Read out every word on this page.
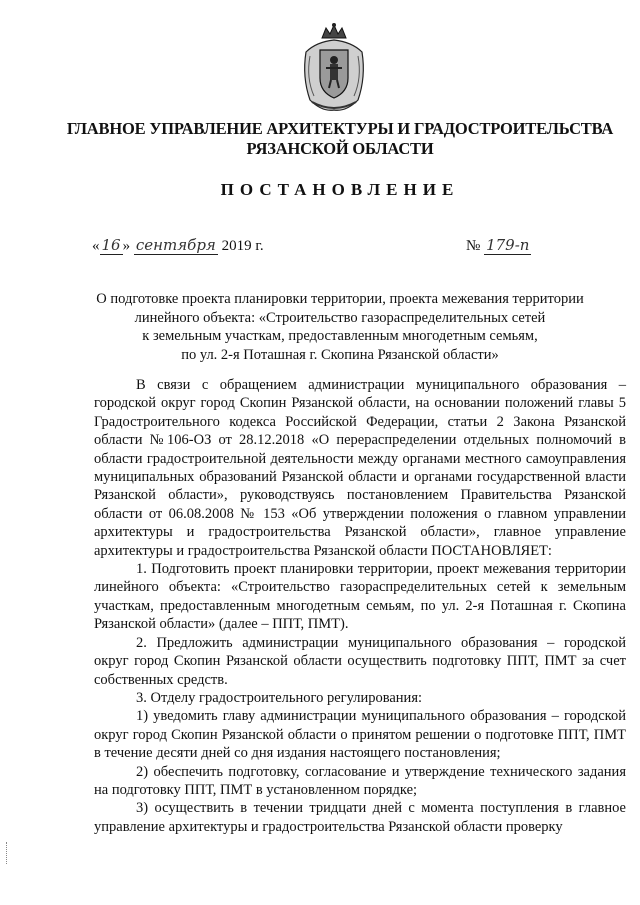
ГЛАВНОЕ УПРАВЛЕНИЕ АРХИТЕКТУРЫ И ГРАДОСТРОИТЕЛЬСТВА
РЯЗАНСКОЙ ОБЛАСТИ
ПОСТАНОВЛЕНИЕ
« 16 » сентября 2019 г.	№ 179-п
О подготовке проекта планировки территории, проекта межевания территории
линейного объекта: «Строительство газораспределительных сетей
к земельным участкам, предоставленным многодетным семьям,
по ул. 2-я Поташная г. Скопина Рязанской области»

В связи с обращением администрации муниципального образования – городской округ город Скопин Рязанской области, на основании положений главы 5 Градостроительного кодекса Российской Федерации, статьи 2 Закона Рязанской области №106-ОЗ от 28.12.2018 «О перераспределении отдельных полномочий в области градостроительной деятельности между органами местного самоуправления муниципальных образований Рязанской области и органами государственной власти Рязанской области», руководствуясь постановлением Правительства Рязанской области от 06.08.2008 № 153 «Об утверждении положения о главном управлении архитектуры и градостроительства Рязанской области», главное управление архитектуры и градостроительства Рязанской области ПОСТАНОВЛЯЕТ:

1. Подготовить проект планировки территории, проект межевания территории линейного объекта: «Строительство газораспределительных сетей к земельным участкам, предоставленным многодетным семьям, по ул. 2-я Поташная г. Скопина Рязанской области» (далее – ППТ, ПМТ).

2. Предложить администрации муниципального образования – городской округ город Скопин Рязанской области осуществить подготовку ППТ, ПМТ за счет собственных средств.

3. Отделу градостроительного регулирования:

1) уведомить главу администрации муниципального образования – городской округ город Скопин Рязанской области о принятом решении о подготовке ППТ, ПМТ в течение десяти дней со дня издания настоящего постановления;

2) обеспечить подготовку, согласование и утверждение технического задания на подготовку ППТ, ПМТ в установленном порядке;

3) осуществить в течении тридцати дней с момента поступления в главное управление архитектуры и градостроительства Рязанской области проверку
